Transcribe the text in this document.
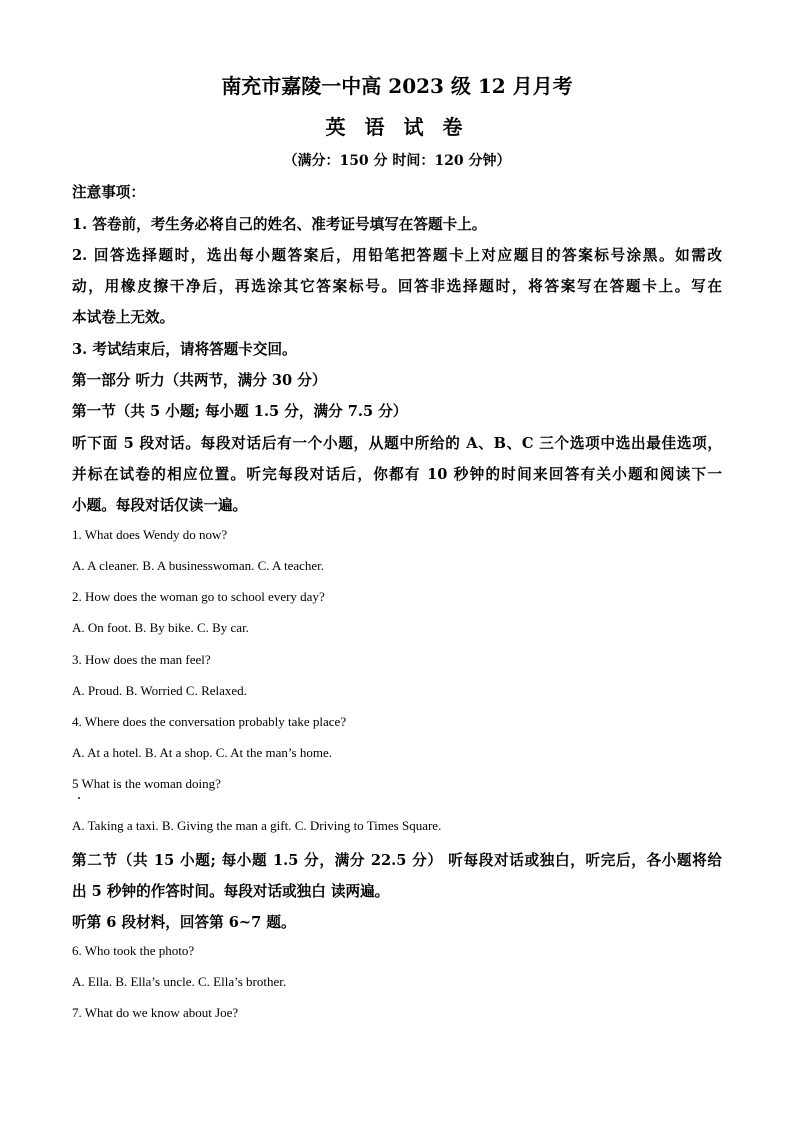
南充市嘉陵一中高 2023 级 12 月月考
英 语 试 卷
（满分：150 分 时间：120 分钟）
注意事项：
1. 答卷前，考生务必将自己的姓名、准考证号填写在答题卡上。
2. 回答选择题时，选出每小题答案后，用铅笔把答题卡上对应题目的答案标号涂黑。如需改
动，用橡皮擦干净后，再选涂其它答案标号。回答非选择题时，将答案写在答题卡上。写在
本试卷上无效。
3. 考试结束后，请将答题卡交回。
第一部分 听力（共两节，满分 30 分）
第一节（共 5 小题; 每小题 1.5 分，满分 7.5 分）
听下面 5 段对话。每段对话后有一个小题，从题中所给的 A、B、C 三个选项中选出最佳选项，
并标在试卷的相应位置。听完每段对话后，你都有 10 秒钟的时间来回答有关小题和阅读下一
小题。每段对话仅读一遍。
1. What does Wendy do now?
A. A cleaner. B. A businesswoman. C. A teacher.
2. How does the woman go to school every day?
A. On foot. B. By bike. C. By car.
3. How does the man feel?
A. Proud. B. Worried C. Relaxed.
4. Where does the conversation probably take place?
A. At a hotel. B. At a shop. C. At the man’s home.
5 What is the woman doing?
A. Taking a taxi. B. Giving the man a gift. C. Driving to Times Square.
第二节（共 15 小题; 每小题 1.5 分，满分 22.5 分） 听每段对话或独白，听完后，各小题将给
出 5 秒钟的作答时间。每段对话或独白 读两遍。
听第 6 段材料，回答第 6~7 题。
6. Who took the photo?
A. Ella. B. Ella’s uncle. C. Ella’s brother.
7. What do we know about Joe?
